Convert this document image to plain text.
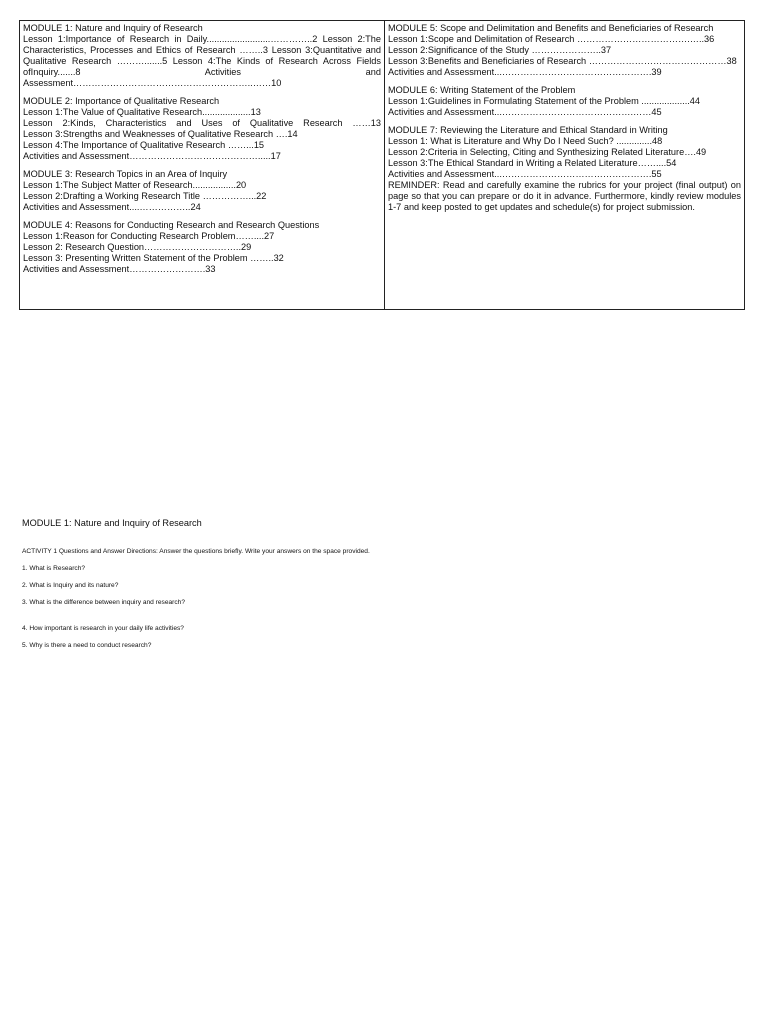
MODULE 1: Nature and Inquiry of Research

Lesson 1:Importance of Research in Daily.........................…………..2 Lesson 2:The Characteristics, Processes and Ethics of Research ……..3 Lesson 3:Quantitative and Qualitative Research ……….......5 Lesson 4:The Kinds of Research Across Fields ofInquiry.......8 Activities and Assessment…………………………………………………..……10

MODULE 2: Importance of Qualitative Research

Lesson 1:The Value of Qualitative Research...................13

Lesson 2:Kinds, Characteristics and Uses of Qualitative Research ……13

Lesson 3:Strengths and Weaknesses of Qualitative Research ….14

Lesson 4:The Importance of Qualitative Research ……...15

Activities and Assessment…………………………………….....17

MODULE 3: Research Topics in an Area of Inquiry

Lesson 1:The Subject Matter of Research.................20

Lesson 2:Drafting a Working Research Title ……………...22

Activities and Assessment....……………..24

MODULE 4: Reasons for Conducting Research and Research Questions

Lesson 1:Reason for Conducting Research Problem……....27

Lesson 2: Research Question…………………………..29

Lesson 3: Presenting Written Statement of the Problem ……..32

Activities and Assessment…………………….33

MODULE 5: Scope and Delimitation and Benefits and Beneficiaries of Research

Lesson 1:Scope and Delimitation of Research ……………………………….…..36

Lesson 2:Significance of the Study …………………..37

Lesson 3:Benefits and Beneficiaries of Research ………………………………………38

Activities and Assessment...………………………………………….39

MODULE 6: Writing Statement of the Problem

Lesson 1:Guidelines in Formulating Statement of the Problem ...................44

Activities and Assessment...…………………………………….……45

MODULE 7: Reviewing the Literature and Ethical Standard in Writing

Lesson 1: What is Literature and Why Do I Need Such? ..............48

Lesson 2:Criteria in Selecting, Citing and Synthesizing Related Literature….49

Lesson 3:The Ethical Standard in Writing a Related Literature……....54

Activities and Assessment...………………………………………….55

REMINDER: Read and carefully examine the rubrics for your project (final output) on page so that you can prepare or do it in advance. Furthermore, kindly review modules 1-7 and keep posted to get updates and schedule(s) for project submission.

MODULE 1: Nature and Inquiry of Research

ACTIVITY 1 Questions and Answer Directions: Answer the questions briefly. Write your answers on the space provided.

1. What is Research?

2. What is Inquiry and its nature?

3. What is the difference between inquiry and research?

4. How important is research in your daily life activities?

5. Why is there a need to conduct research?
